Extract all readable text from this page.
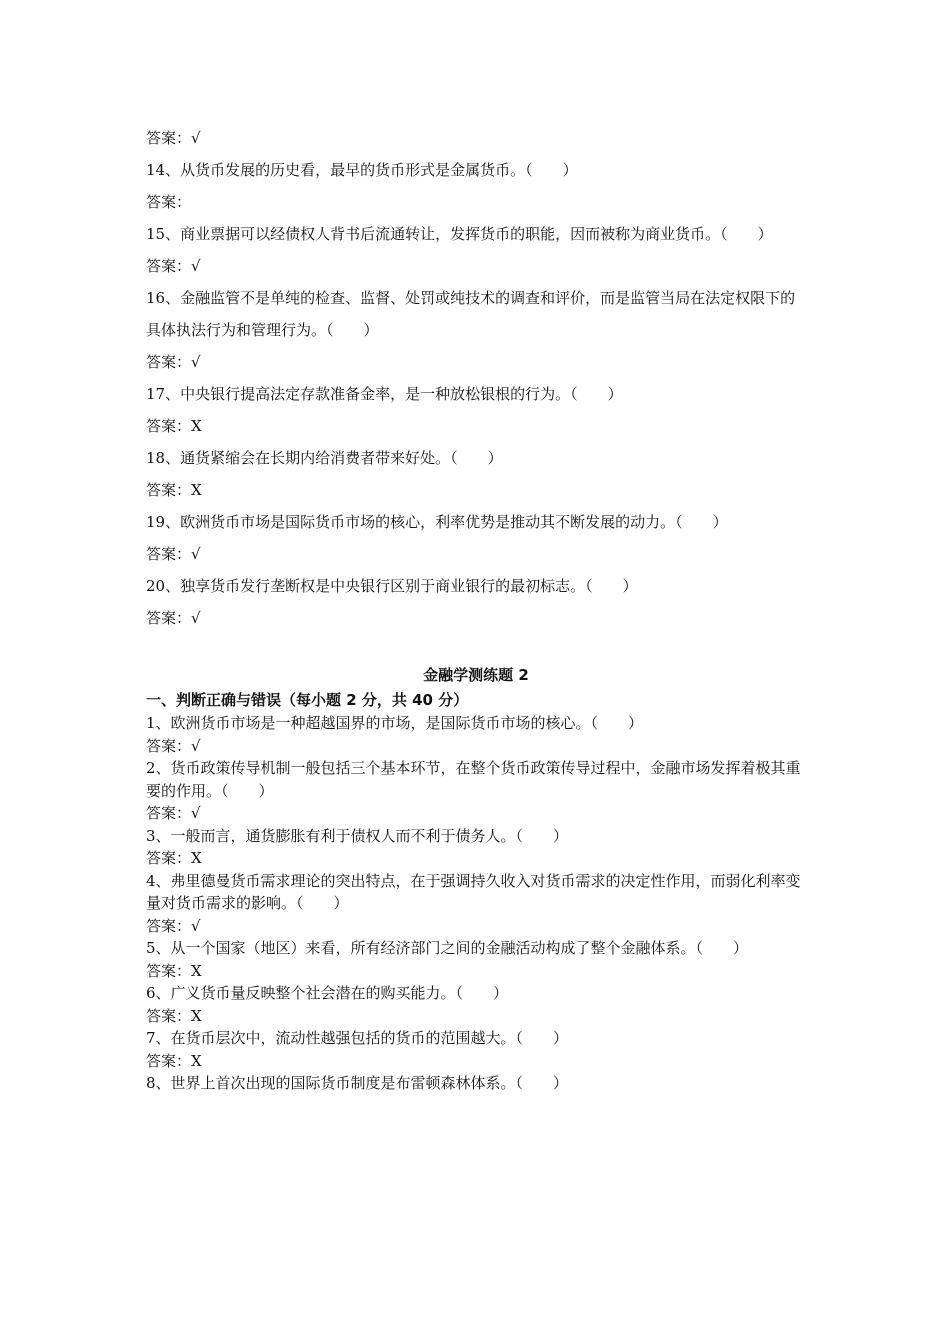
答案：√
14、从货币发展的历史看，最早的货币形式是金属货币。（　　）
答案：
15、商业票据可以经债权人背书后流通转让，发挥货币的职能，因而被称为商业货币。（　　）
答案：√
16、金融监管不是单纯的检查、监督、处罚或纯技术的调查和评价，而是监管当局在法定权限下的具体执法行为和管理行为。（　　）
答案：√
17、中央银行提高法定存款准备金率，是一种放松银根的行为。（　　）
答案：X
18、通货紧缩会在长期内给消费者带来好处。（　　）
答案：X
19、欧洲货币市场是国际货币市场的核心，利率优势是推动其不断发展的动力。（　　）
答案：√
20、独享货币发行垄断权是中央银行区别于商业银行的最初标志。（　　）
答案：√
金融学测练题 2
一、判断正确与错误（每小题 2 分，共 40 分）
1、欧洲货币市场是一种超越国界的市场，是国际货币市场的核心。（　　）
答案：√
2、货币政策传导机制一般包括三个基本环节，在整个货币政策传导过程中，金融市场发挥着极其重要的作用。（　　）
答案：√
3、一般而言，通货膨胀有利于债权人而不利于债务人。（　　）
答案：X
4、弗里德曼货币需求理论的突出特点，在于强调持久收入对货币需求的决定性作用，而弱化利率变量对货币需求的影响。（　　）
答案：√
5、从一个国家（地区）来看，所有经济部门之间的金融活动构成了整个金融体系。（　　）
答案：X
6、广义货币量反映整个社会潜在的购买能力。（　　）
答案：X
7、在货币层次中，流动性越强包括的货币的范围越大。（　　）
答案：X
8、世界上首次出现的国际货币制度是布雷顿森林体系。（　　）
